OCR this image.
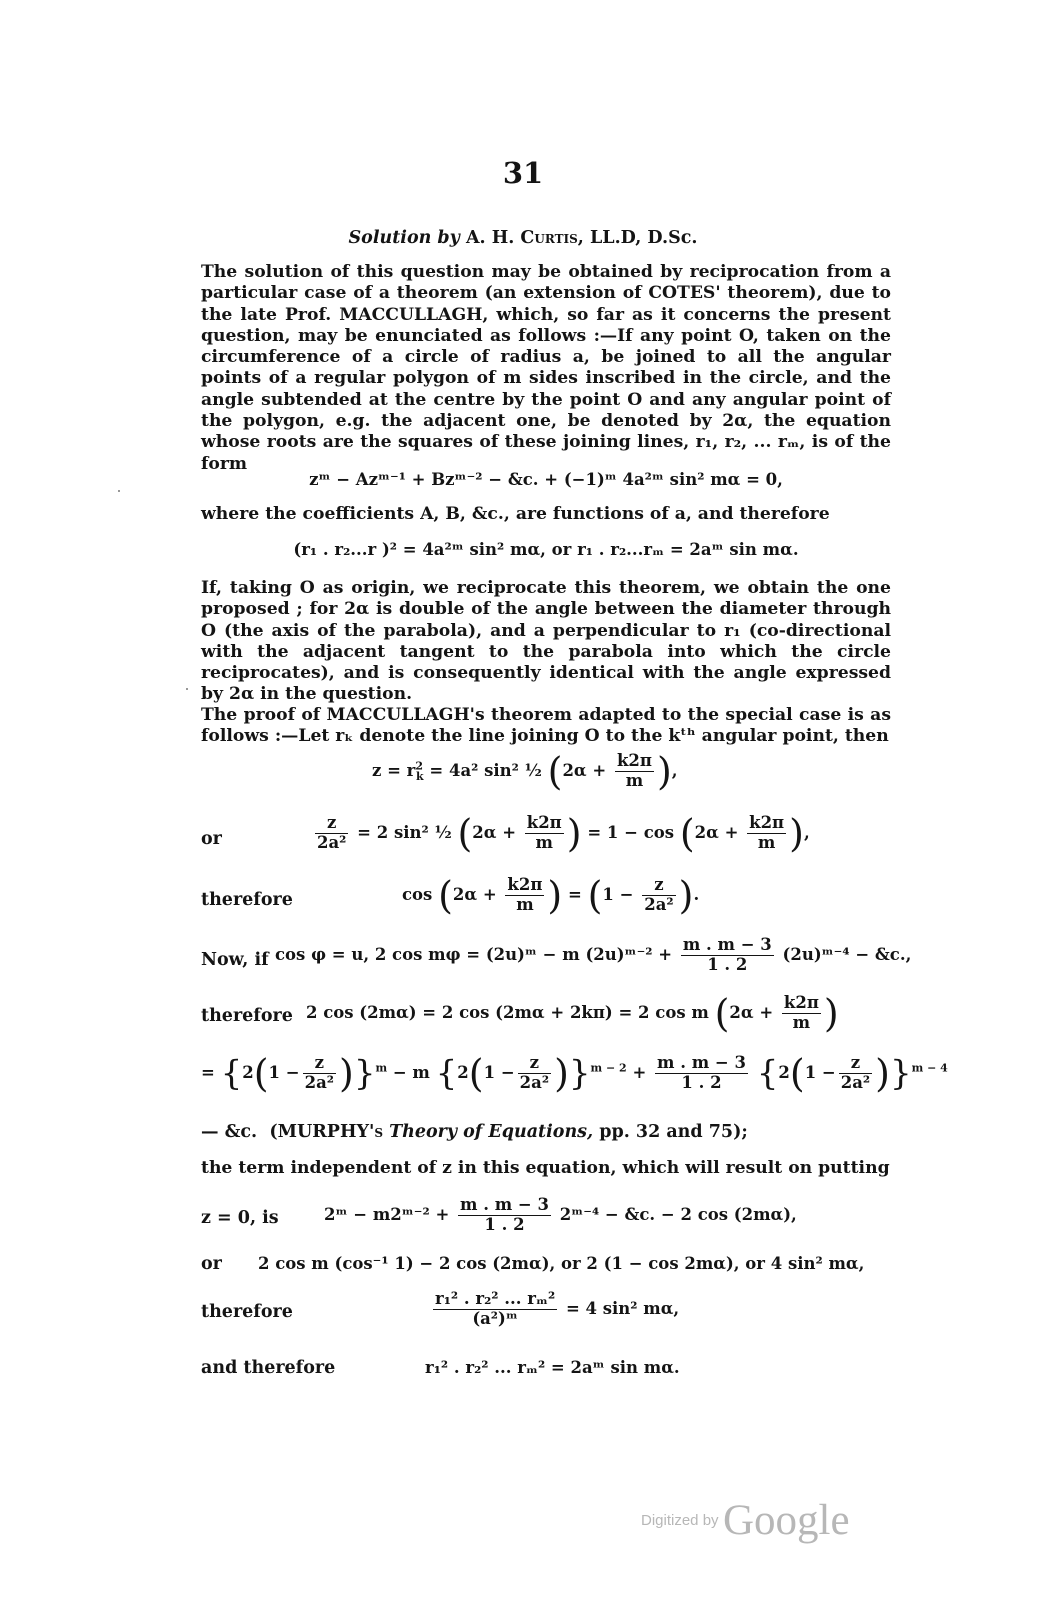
31
Solution by A. H. Curtis, LL.D, D.Sc.
The solution of this question may be obtained by reciprocation from a particular case of a theorem (an extension of COTES' theorem), due to the late Prof. MACCULLAGH, which, so far as it concerns the present question, may be enunciated as follows :—If any point O, taken on the circumference of a circle of radius a, be joined to all the angular points of a regular polygon of m sides inscribed in the circle, and the angle subtended at the centre by the point O and any angular point of the polygon, e.g. the adjacent one, be denoted by 2α, the equation whose roots are the squares of these joining lines, r₁, r₂, ... rₘ, is of the form
zᵐ − Azᵐ⁻¹ + Bzᵐ⁻² − &c. + (−1)ᵐ 4a²ᵐ sin² mα = 0,
where the coefficients A, B, &c., are functions of a, and therefore
(r₁ . r₂...r )² = 4a²ᵐ sin² mα, or r₁ . r₂...rₘ = 2aᵐ sin mα.
If, taking O as origin, we reciprocate this theorem, we obtain the one proposed ; for 2α is double of the angle between the diameter through O (the axis of the parabola), and a perpendicular to r₁ (co-directional with the adjacent tangent to the parabola into which the circle reciprocates), and is consequently identical with the angle expressed by 2α in the question.
The proof of MACCULLAGH's theorem adapted to the special case is as follows :—Let rₖ denote the line joining O to the kᵗʰ angular point, then
$z = r^2_k = 4a^2$ sin² ½ ($2\alpha + \frac{k2\pi}{m}$ ),
or	$\frac{z}{\text{2a²}} = 2$ sin² ½ ($2\alpha + \frac{k2\pi}{m}$ ) = $1 - \cos (2\alpha + \frac{k2\pi}{m}$ ),
therefore	$\cos (2\alpha + \frac{k2\pi}{m}$ ) = ($1 - \frac{z}{\text{2a²}}$ ).
Now, if cos φ = u, 2 cos mφ = (2u)ᵐ − m (2u)ᵐ⁻² + $\frac{m . m - 3}{1 . 2}$ (2u)ᵐ⁻⁴ − &c.,
therefore 2 cos (2mα) = 2 cos (2mα + 2kπ) = 2 cos m ($2\alpha + \frac{k2\pi}{m}$ )
= $\{2(1 - \frac{z}{\text{2a²}} )\}^m - m$ $\{2(1 - \frac{z}{\text{2a²}} )\}^{m - 2} + \frac{m . m - 3}{1 . 2} \{2(1 - \frac{z}{\text{2a²}} )\}^{m - 4}$
— &c. (MURPHY's Theory of Equations, pp. 32 and 75);
the term independent of z in this equation, which will result on putting
z = 0, is	2ᵐ − m2ᵐ⁻² + $\frac{m . m - 3}{1 . 2}$ 2ᵐ⁻⁴ − &c. − 2 cos (2mα),
or 2 cos m (cos⁻¹ 1) − 2 cos (2mα), or 2 (1 − cos 2mα), or 4 sin² mα,
therefore	$\frac{\text{r₁² . r₂² ... rₘ²}}{\text{(a²)ᵐ}} = 4$ sin² mα,
and therefore	r₁² . r₂² ... rₘ² = 2aᵐ sin mα.
Digitized by Google
